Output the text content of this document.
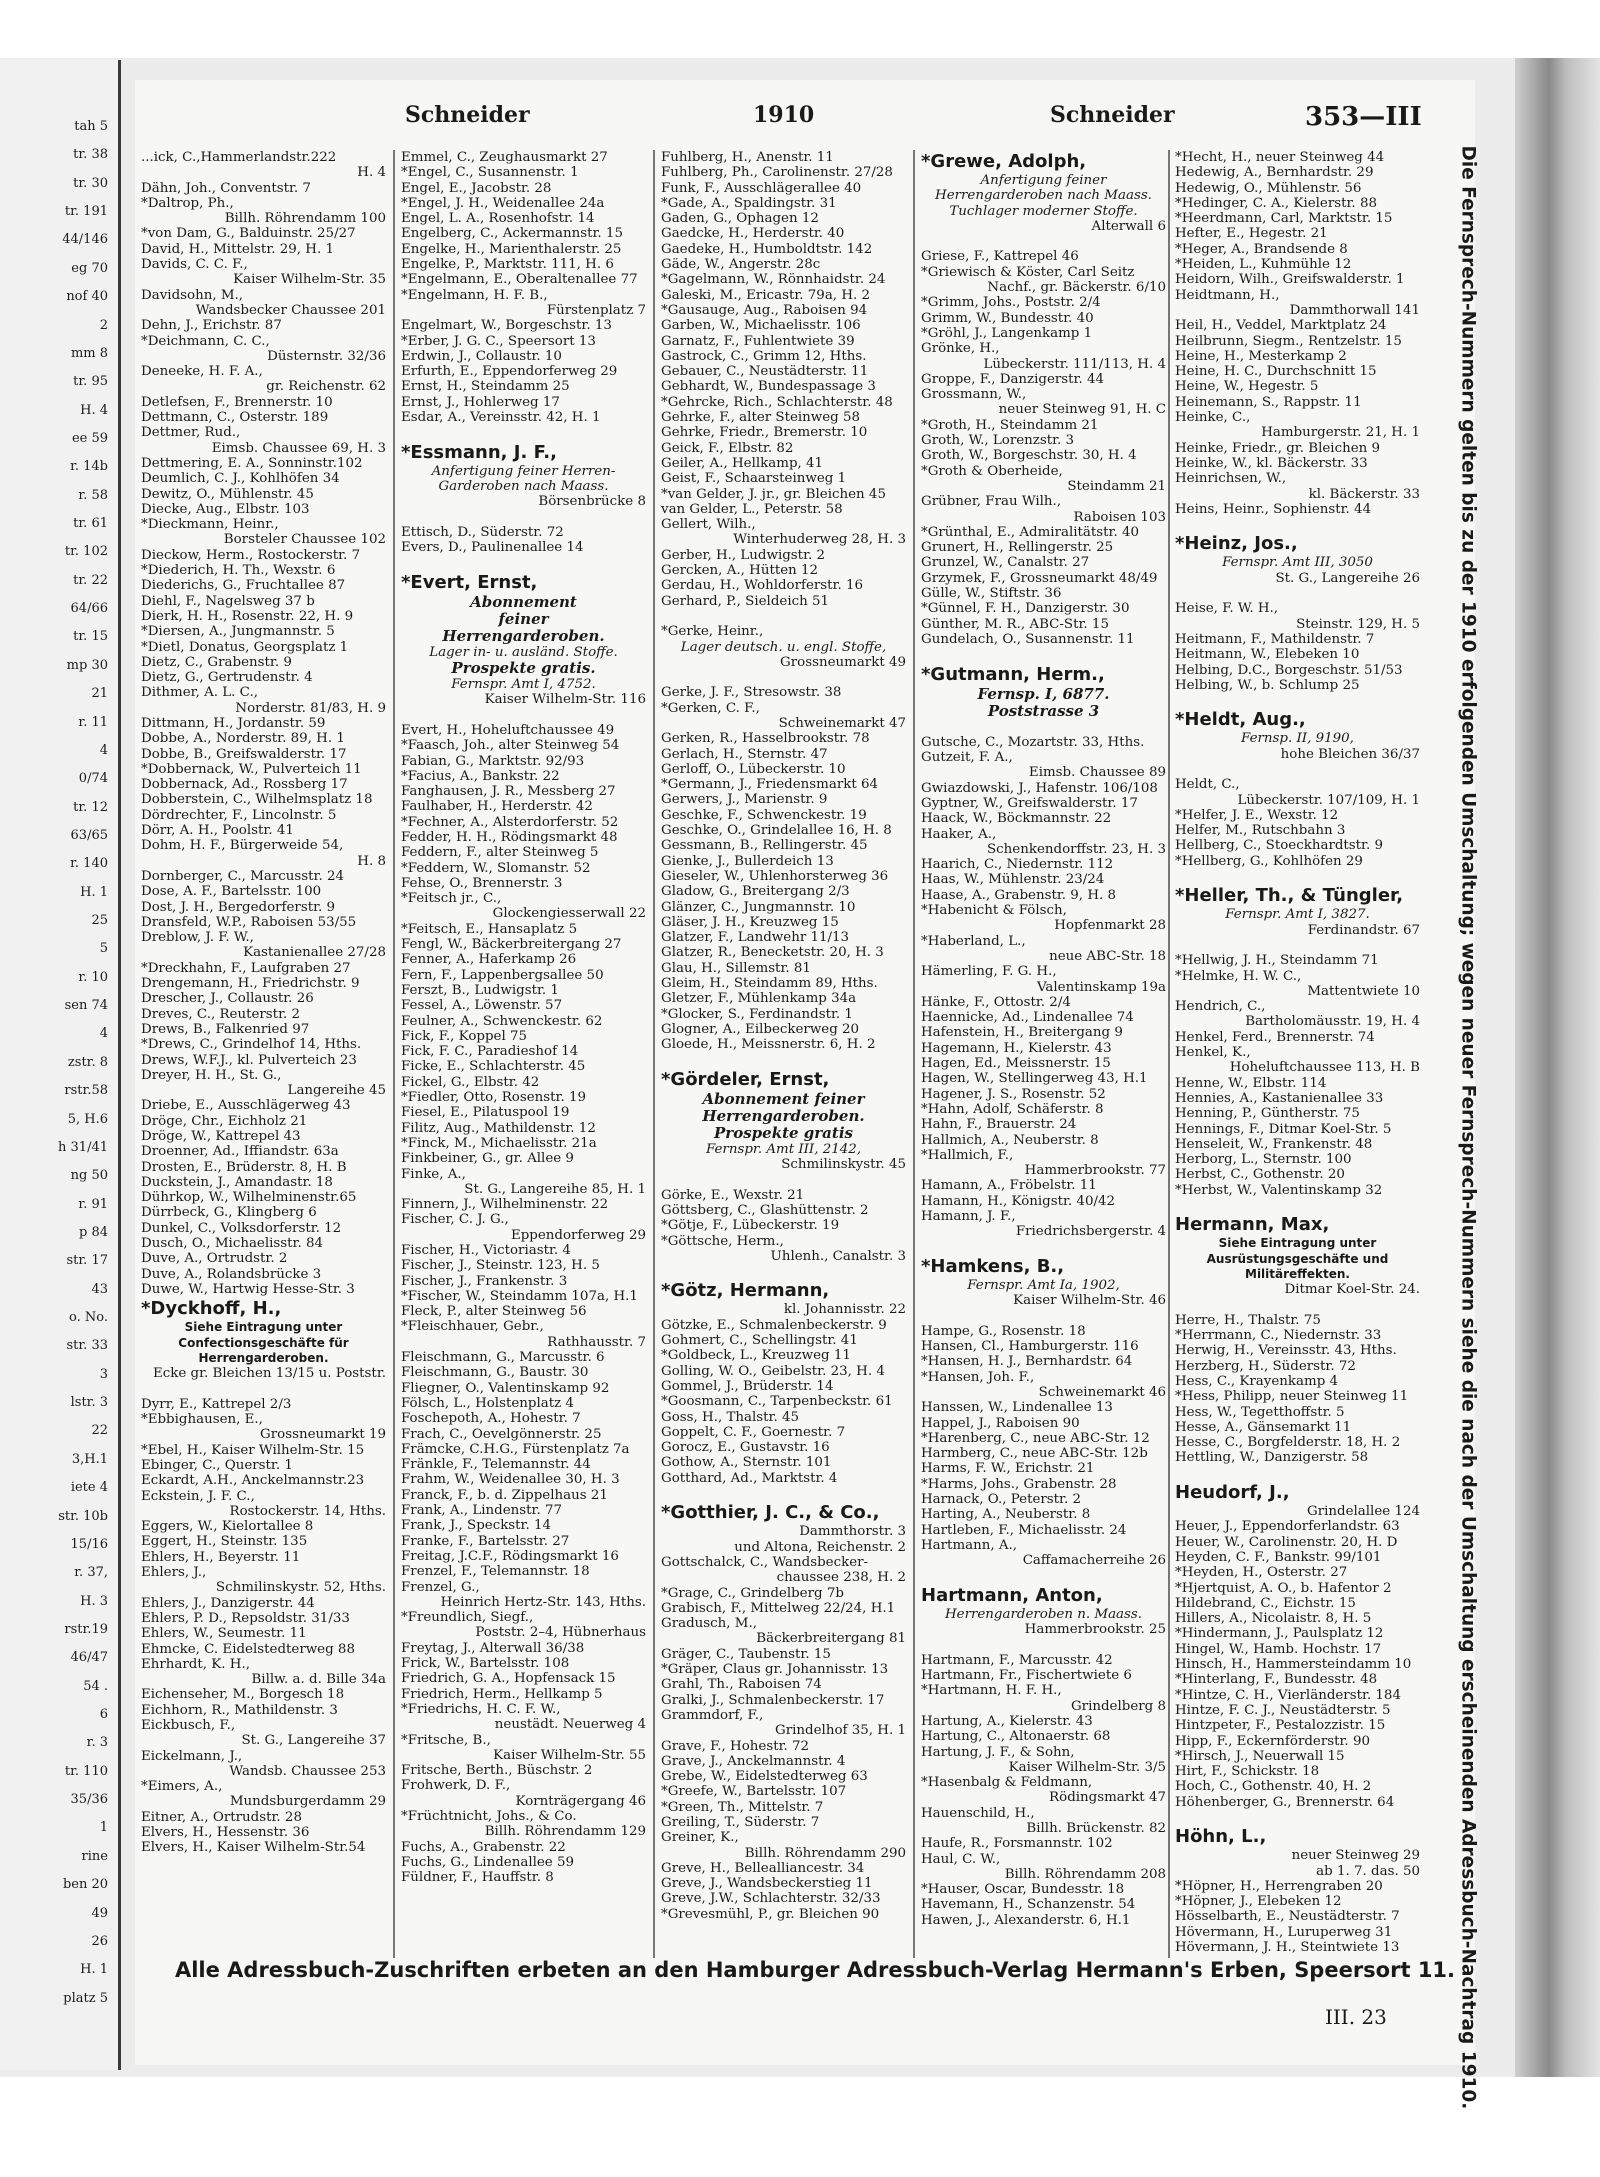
tah 5
tr. 38
tr. 30
tr. 191
44/146
eg 70
nof 40
2
mm 8
tr. 95
H. 4
ee 59
r. 14b
r. 58
tr. 61
tr. 102
tr. 22
64/66
tr. 15
mp 30
21
r. 11
4
0/74
tr. 12
63/65
r. 140
H. 1
25
5
r. 10
sen 74
4
zstr. 8
rstr.58
5, H.6
h 31/41
ng 50
r. 91
p 84
str. 17
43
o. No.
str. 33
3
lstr. 3
22
3,H.1
iete 4
str. 10b
15/16
r. 37,
H. 3
rstr.19
46/47
54 .
6
r. 3
tr. 110
35/36
1
rine
ben 20
49
26
H. 1
platz 5
Schneider	1910	Schneider	353—III
...ick, C.,Hammerlandstr.222
H. 4
Dähn, Joh., Conventstr. 7
*Daltrop, Ph.,
Billh. Röhrendamm 100
*von Dam, G., Balduinstr. 25/27
David, H., Mittelstr. 29, H. 1
Davids, C. C. F.,
Kaiser Wilhelm-Str. 35
Davidsohn, M.,
Wandsbecker Chaussee 201
Dehn, J., Erichstr. 87
*Deichmann, C. C.,
Düsternstr. 32/36
Deneeke, H. F. A.,
gr. Reichenstr. 62
Detlefsen, F., Brennerstr. 10
Dettmann, C., Osterstr. 189
Dettmer, Rud.,
Eimsb. Chaussee 69, H. 3
Dettmering, E. A., Sonninstr.102
Deumlich, C. J., Kohlhöfen 34
Dewitz, O., Mühlenstr. 45
Diecke, Aug., Elbstr. 103
*Dieckmann, Heinr.,
Borsteler Chaussee 102
Dieckow, Herm., Rostockerstr. 7
*Diederich, H. Th., Wexstr. 6
Diederichs, G., Fruchtallee 87
Diehl, F., Nagelsweg 37 b
Dierk, H. H., Rosenstr. 22, H. 9
*Diersen, A., Jungmannstr. 5
*Dietl, Donatus, Georgsplatz 1
Dietz, C., Grabenstr. 9
Dietz, G., Gertrudenstr. 4
Dithmer, A. L. C.,
Norderstr. 81/83, H. 9
Dittmann, H., Jordanstr. 59
Dobbe, A., Norderstr. 89, H. 1
Dobbe, B., Greifswalderstr. 17
*Dobbernack, W., Pulverteich 11
Dobbernack, Ad., Rossberg 17
Dobberstein, C., Wilhelmsplatz 18
Dördrechter, F., Lincolnstr. 5
Dörr, A. H., Poolstr. 41
Dohm, H. F., Bürgerweide 54,
H. 8
Dornberger, C., Marcusstr. 24
Dose, A. F., Bartelsstr. 100
Dost, J. H., Bergedorferstr. 9
Dransfeld, W.P., Raboisen 53/55
Dreblow, J. F. W.,
Kastanienallee 27/28
*Dreckhahn, F., Laufgraben 27
Drengemann, H., Friedrichstr. 9
Drescher, J., Collaustr. 26
Dreves, C., Reuterstr. 2
Drews, B., Falkenried 97
*Drews, C., Grindelhof 14, Hths.
Drews, W.F.J., kl. Pulverteich 23
Dreyer, H. H., St. G.,
Langereihe 45
Driebe, E., Ausschlägerweg 43
Dröge, Chr., Eichholz 21
Dröge, W., Kattrepel 43
Droenner, Ad., Iffiandstr. 63a
Drosten, E., Brüderstr. 8, H. B
Duckstein, J., Amandastr. 18
Dührkop, W., Wilhelminenstr.65
Dürrbeck, G., Klingberg 6
Dunkel, C., Volksdorferstr. 12
Dusch, O., Michaelisstr. 84
Duve, A., Ortrudstr. 2
Duve, A., Rolandsbrücke 3
Duwe, W., Hartwig Hesse-Str. 3
*Dyckhoff, H.,
Siehe Eintragung unter
Confectionsgeschäfte für
Herrengarderoben.
Ecke gr. Bleichen 13/15 u. Poststr.

Dyrr, E., Kattrepel 2/3
*Ebbighausen, E.,
Grossneumarkt 19
*Ebel, H., Kaiser Wilhelm-Str. 15
Ebinger, C., Querstr. 1
Eckardt, A.H., Anckelmannstr.23
Eckstein, J. F. C.,
Rostockerstr. 14, Hths.
Eggers, W., Kielortallee 8
Eggert, H., Steinstr. 135
Ehlers, H., Beyerstr. 11
Ehlers, J.,
Schmilinskystr. 52, Hths.
Ehlers, J., Danzigerstr. 44
Ehlers, P. D., Repsoldstr. 31/33
Ehlers, W., Seumestr. 11
Ehmcke, C. Eidelstedterweg 88
Ehrhardt, K. H.,
Billw. a. d. Bille 34a
Eichenseher, M., Borgesch 18
Eichhorn, R., Mathildenstr. 3
Eickbusch, F.,
St. G., Langereihe 37
Eickelmann, J.,
Wandsb. Chaussee 253
*Eimers, A.,
Mundsburgerdamm 29
Eitner, A., Ortrudstr. 28
Elvers, H., Hessenstr. 36
Elvers, H., Kaiser Wilhelm-Str.54
Emmel, C., Zeughausmarkt 27
*Engel, C., Susannenstr. 1
Engel, E., Jacobstr. 28
*Engel, J. H., Weidenallee 24a
Engel, L. A., Rosenhofstr. 14
Engelberg, C., Ackermannstr. 15
Engelke, H., Marienthalerstr. 25
Engelke, P., Marktstr. 111, H. 6
*Engelmann, E., Oberaltenallee 77
*Engelmann, H. F. B.,
Fürstenplatz 7
Engelmart, W., Borgeschstr. 13
*Erber, J. G. C., Speersort 13
Erdwin, J., Collaustr. 10
Erfurth, E., Eppendorferweg 29
Ernst, H., Steindamm 25
Ernst, J., Hohlerweg 17
Esdar, A., Vereinsstr. 42, H. 1

*Essmann, J. F.,
Anfertigung feiner Herren-
Garderoben nach Maass.
Börsenbrücke 8

Ettisch, D., Süderstr. 72
Evers, D., Paulinenallee 14

*Evert, Ernst,
Abonnement
feiner
Herrengarderoben.
Lager in- u. ausländ. Stoffe.
Prospekte gratis.
Fernspr. Amt I, 4752.
Kaiser Wilhelm-Str. 116

Evert, H., Hoheluftchaussee 49
*Faasch, Joh., alter Steinweg 54
Fabian, G., Marktstr. 92/93
*Facius, A., Bankstr. 22
Fanghausen, J. R., Messberg 27
Faulhaber, H., Herderstr. 42
*Fechner, A., Alsterdorferstr. 52
Fedder, H. H., Rödingsmarkt 48
Feddern, F., alter Steinweg 5
*Feddern, W., Slomanstr. 52
Fehse, O., Brennerstr. 3
*Feitsch jr., C.,
Glockengiesserwall 22
*Feitsch, E., Hansaplatz 5
Fengl, W., Bäckerbreitergang 27
Fenner, A., Haferkamp 26
Fern, F., Lappenbergsallee 50
Ferszt, B., Ludwigstr. 1
Fessel, A., Löwenstr. 57
Feulner, A., Schwenckestr. 62
Fick, F., Koppel 75
Fick, F. C., Paradieshof 14
Ficke, E., Schlachterstr. 45
Fickel, G., Elbstr. 42
*Fiedler, Otto, Rosenstr. 19
Fiesel, E., Pilatuspool 19
Filitz, Aug., Mathildenstr. 12
*Finck, M., Michaelisstr. 21a
Finkbeiner, G., gr. Allee 9
Finke, A.,
St. G., Langereihe 85, H. 1
Finnern, J., Wilhelminenstr. 22
Fischer, C. J. G.,
Eppendorferweg 29
Fischer, H., Victoriastr. 4
Fischer, J., Steinstr. 123, H. 5
Fischer, J., Frankenstr. 3
*Fischer, W., Steindamm 107a, H.1
Fleck, P., alter Steinweg 56
*Fleischhauer, Gebr.,
Rathhausstr. 7
Fleischmann, G., Marcusstr. 6
Fleischmann, G., Baustr. 30
Fliegner, O., Valentinskamp 92
Fölsch, L., Holstenplatz 4
Foschepoth, A., Hohestr. 7
Frach, C., Oevelgönnerstr. 25
Främcke, C.H.G., Fürstenplatz 7a
Fränkle, F., Telemannstr. 44
Frahm, W., Weidenallee 30, H. 3
Franck, F., b. d. Zippelhaus 21
Frank, A., Lindenstr. 77
Frank, J., Speckstr. 14
Franke, F., Bartelsstr. 27
Freitag, J.C.F., Rödingsmarkt 16
Frenzel, F., Telemannstr. 18
Frenzel, G.,
Heinrich Hertz-Str. 143, Hths.
*Freundlich, Siegf.,
Poststr. 2–4, Hübnerhaus
Freytag, J., Alterwall 36/38
Frick, W., Bartelsstr. 108
Friedrich, G. A., Hopfensack 15
Friedrich, Herm., Hellkamp 5
*Friedrichs, H. C. F. W.,
neustädt. Neuerweg 4
*Fritsche, B.,
Kaiser Wilhelm-Str. 55
Fritsche, Berth., Büschstr. 2
Frohwerk, D. F.,
Kornträgergang 46
*Früchtnicht, Johs., & Co.
Billh. Röhrendamm 129
Fuchs, A., Grabenstr. 22
Fuchs, G., Lindenallee 59
Füldner, F., Hauffstr. 8
Fuhlberg, H., Anenstr. 11
Fuhlberg, Ph., Carolinenstr. 27/28
Funk, F., Ausschlägerallee 40
*Gade, A., Spaldingstr. 31
Gaden, G., Ophagen 12
Gaedcke, H., Herderstr. 40
Gaedeke, H., Humboldtstr. 142
Gäde, W., Angerstr. 28c
*Gagelmann, W., Rönnhaidstr. 24
Galeski, M., Ericastr. 79a, H. 2
*Gausauge, Aug., Raboisen 94
Garben, W., Michaelisstr. 106
Garnatz, F., Fuhlentwiete 39
Gastrock, C., Grimm 12, Hths.
Gebauer, C., Neustädterstr. 11
Gebhardt, W., Bundespassage 3
*Gehrcke, Rich., Schlachterstr. 48
Gehrke, F., alter Steinweg 58
Gehrke, Friedr., Bremerstr. 10
Geick, F., Elbstr. 82
Geiler, A., Hellkamp, 41
Geist, F., Schaarsteinweg 1
*van Gelder, J. jr., gr. Bleichen 45
van Gelder, L., Peterstr. 58
Gellert, Wilh.,
Winterhuderweg 28, H. 3
Gerber, H., Ludwigstr. 2
Gercken, A., Hütten 12
Gerdau, H., Wohldorferstr. 16
Gerhard, P., Sieldeich 51

*Gerke, Heinr.,
Lager deutsch. u. engl. Stoffe,
Grossneumarkt 49

Gerke, J. F., Stresowstr. 38
*Gerken, C. F.,
Schweinemarkt 47
Gerken, R., Hasselbrookstr. 78
Gerlach, H., Sternstr. 47
Gerloff, O., Lübeckerstr. 10
*Germann, J., Friedensmarkt 64
Gerwers, J., Marienstr. 9
Geschke, F., Schwenckestr. 19
Geschke, O., Grindelallee 16, H. 8
Gessmann, B., Rellingerstr. 45
Gienke, J., Bullerdeich 13
Gieseler, W., Uhlenhorsterweg 36
Gladow, G., Breitergang 2/3
Glänzer, C., Jungmannstr. 10
Gläser, J. H., Kreuzweg 15
Glatzer, F., Landwehr 11/13
Glatzer, R., Benecketstr. 20, H. 3
Glau, H., Sillemstr. 81
Gleim, H., Steindamm 89, Hths.
Gletzer, F., Mühlenkamp 34a
*Glocker, S., Ferdinandstr. 1
Glogner, A., Eilbeckerweg 20
Gloede, H., Meissnerstr. 6, H. 2

*Gördeler, Ernst,
Abonnement feiner
Herrengarderoben.
Prospekte gratis
Fernspr. Amt III, 2142,
Schmilinskystr. 45

Görke, E., Wexstr. 21
Göttsberg, C., Glashüttenstr. 2
*Götje, F., Lübeckerstr. 19
*Göttsche, Herm.,
Uhlenh., Canalstr. 3

*Götz, Hermann,
kl. Johannisstr. 22
Götzke, E., Schmalenbeckerstr. 9
Gohmert, C., Schellingstr. 41
*Goldbeck, L., Kreuzweg 11
Golling, W. O., Geibelstr. 23, H. 4
Gommel, J., Brüderstr. 14
*Goosmann, C., Tarpenbeckstr. 61
Goss, H., Thalstr. 45
Goppelt, C. F., Goernestr. 7
Gorocz, E., Gustavstr. 16
Gothow, A., Sternstr. 101
Gotthard, Ad., Marktstr. 4

*Gotthier, J. C., & Co.,
Dammthorstr. 3
und Altona, Reichenstr. 2
Gottschalck, C., Wandsbecker-
chaussee 238, H. 2
*Grage, C., Grindelberg 7b
Grabisch, F., Mittelweg 22/24, H.1
Gradusch, M.,
Bäckerbreitergang 81
Gräger, C., Taubenstr. 15
*Gräper, Claus gr. Johannisstr. 13
Grahl, Th., Raboisen 74
Gralki, J., Schmalenbeckerstr. 17
Grammdorf, F.,
Grindelhof 35, H. 1
Grave, F., Hohestr. 72
Grave, J., Anckelmannstr. 4
Grebe, W., Eidelstedterweg 63
*Greefe, W., Bartelsstr. 107
*Green, Th., Mittelstr. 7
Greiling, T., Süderstr. 7
Greiner, K.,
Billh. Röhrendamm 290
Greve, H., Bellealliancestr. 34
Greve, J., Wandsbeckerstieg 11
Greve, J.W., Schlachterstr. 32/33
*Grevesmühl, P., gr. Bleichen 90
*Grewe, Adolph,
Anfertigung feiner
Herrengarderoben nach Maass.
Tuchlager moderner Stoffe.
Alterwall 6

Griese, F., Kattrepel 46
*Griewisch & Köster, Carl Seitz
Nachf., gr. Bäckerstr. 6/10
*Grimm, Johs., Poststr. 2/4
Grimm, W., Bundesstr. 40
*Gröhl, J., Langenkamp 1
Grönke, H.,
Lübeckerstr. 111/113, H. 4
Groppe, F., Danzigerstr. 44
Grossmann, W.,
neuer Steinweg 91, H. C
*Groth, H., Steindamm 21
Groth, W., Lorenzstr. 3
Groth, W., Borgeschstr. 30, H. 4
*Groth & Oberheide,
Steindamm 21
Grübner, Frau Wilh.,
Raboisen 103
*Grünthal, E., Admiralitätstr. 40
Grunert, H., Rellingerstr. 25
Grunzel, W., Canalstr. 27
Grzymek, F., Grossneumarkt 48/49
Gülle, W., Stiftstr. 36
*Günnel, F. H., Danzigerstr. 30
Günther, M. R., ABC-Str. 15
Gundelach, O., Susannenstr. 11

*Gutmann, Herm.,
Fernsp. I, 6877.
Poststrasse 3

Gutsche, C., Mozartstr. 33, Hths.
Gutzeit, F. A.,
Eimsb. Chaussee 89
Gwiazdowski, J., Hafenstr. 106/108
Gyptner, W., Greifswalderstr. 17
Haack, W., Böckmannstr. 22
Haaker, A.,
Schenkendorffstr. 23, H. 3
Haarich, C., Niedernstr. 112
Haas, W., Mühlenstr. 23/24
Haase, A., Grabenstr. 9, H. 8
*Habenicht & Fölsch,
Hopfenmarkt 28
*Haberland, L.,
neue ABC-Str. 18
Hämerling, F. G. H.,
Valentinskamp 19a
Hänke, F., Ottostr. 2/4
Haennicke, Ad., Lindenallee 74
Hafenstein, H., Breitergang 9
Hagemann, H., Kielerstr. 43
Hagen, Ed., Meissnerstr. 15
Hagen, W., Stellingerweg 43, H.1
Hagener, J. S., Rosenstr. 52
*Hahn, Adolf, Schäferstr. 8
Hahn, F., Brauerstr. 24
Hallmich, A., Neuberstr. 8
*Hallmich, F.,
Hammerbrookstr. 77
Hamann, A., Fröbelstr. 11
Hamann, H., Königstr. 40/42
Hamann, J. F.,
Friedrichsbergerstr. 4

*Hamkens, B.,
Fernspr. Amt Ia, 1902,
Kaiser Wilhelm-Str. 46

Hampe, G., Rosenstr. 18
Hansen, Cl., Hamburgerstr. 116
*Hansen, H. J., Bernhardstr. 64
*Hansen, Joh. F.,
Schweinemarkt 46
Hanssen, W., Lindenallee 13
Happel, J., Raboisen 90
*Harenberg, C., neue ABC-Str. 12
Harmberg, C., neue ABC-Str. 12b
Harms, F. W., Erichstr. 21
*Harms, Johs., Grabenstr. 28
Harnack, O., Peterstr. 2
Harting, A., Neuberstr. 8
Hartleben, F., Michaelisstr. 24
Hartmann, A.,
Caffamacherreihe 26

Hartmann, Anton,
Herrengarderoben n. Maass.
Hammerbrookstr. 25

Hartmann, F., Marcusstr. 42
Hartmann, Fr., Fischertwiete 6
*Hartmann, H. F. H.,
Grindelberg 8
Hartung, A., Kielerstr. 43
Hartung, C., Altonaerstr. 68
Hartung, J. F., & Sohn,
Kaiser Wilhelm-Str. 3/5
*Hasenbalg & Feldmann,
Rödingsmarkt 47
Hauenschild, H.,
Billh. Brückenstr. 82
Haufe, R., Forsmannstr. 102
Haul, C. W.,
Billh. Röhrendamm 208
*Hauser, Oscar, Bundesstr. 18
Havemann, H., Schanzenstr. 54
Hawen, J., Alexanderstr. 6, H.1
*Hecht, H., neuer Steinweg 44
Hedewig, A., Bernhardstr. 29
Hedewig, O., Mühlenstr. 56
*Hedinger, C. A., Kielerstr. 88
*Heerdmann, Carl, Marktstr. 15
Hefter, E., Hegestr. 21
*Heger, A., Brandsende 8
*Heiden, L., Kuhmühle 12
Heidorn, Wilh., Greifswalderstr. 1
Heidtmann, H.,
Dammthorwall 141
Heil, H., Veddel, Marktplatz 24
Heilbrunn, Siegm., Rentzelstr. 15
Heine, H., Mesterkamp 2
Heine, H. C., Durchschnitt 15
Heine, W., Hegestr. 5
Heinemann, S., Rappstr. 11
Heinke, C.,
Hamburgerstr. 21, H. 1
Heinke, Friedr., gr. Bleichen 9
Heinke, W., kl. Bäckerstr. 33
Heinrichsen, W.,
kl. Bäckerstr. 33
Heins, Heinr., Sophienstr. 44

*Heinz, Jos.,
Fernspr. Amt III, 3050
St. G., Langereihe 26

Heise, F. W. H.,
Steinstr. 129, H. 5
Heitmann, F., Mathildenstr. 7
Heitmann, W., Elebeken 10
Helbing, D.C., Borgeschstr. 51/53
Helbing, W., b. Schlump 25

*Heldt, Aug.,
Fernsp. II, 9190,
hohe Bleichen 36/37

Heldt, C.,
Lübeckerstr. 107/109, H. 1
*Helfer, J. E., Wexstr. 12
Helfer, M., Rutschbahn 3
Hellberg, C., Stoeckhardtstr. 9
*Hellberg, G., Kohlhöfen 29

*Heller, Th., & Tüngler,
Fernspr. Amt I, 3827.
Ferdinandstr. 67

*Hellwig, J. H., Steindamm 71
*Helmke, H. W. C.,
Mattentwiete 10
Hendrich, C.,
Bartholomäusstr. 19, H. 4
Henkel, Ferd., Brennerstr. 74
Henkel, K.,
Hoheluftchaussee 113, H. B
Henne, W., Elbstr. 114
Hennies, A., Kastanienallee 33
Henning, P., Güntherstr. 75
Hennings, F., Ditmar Koel-Str. 5
Henseleit, W., Frankenstr. 48
Herborg, L., Sternstr. 100
Herbst, C., Gothenstr. 20
*Herbst, W., Valentinskamp 32

Hermann, Max,
Siehe Eintragung unter
Ausrüstungsgeschäfte und
Militäreffekten.
Ditmar Koel-Str. 24.

Herre, H., Thalstr. 75
*Herrmann, C., Niedernstr. 33
Herwig, H., Vereinsstr. 43, Hths.
Herzberg, H., Süderstr. 72
Hess, C., Krayenkamp 4
*Hess, Philipp, neuer Steinweg 11
Hess, W., Tegetthoffstr. 5
Hesse, A., Gänsemarkt 11
Hesse, C., Borgfelderstr. 18, H. 2
Hettling, W., Danzigerstr. 58

Heudorf, J.,
Grindelallee 124
Heuer, J., Eppendorferlandstr. 63
Heuer, W., Carolinenstr. 20, H. D
Heyden, C. F., Bankstr. 99/101
*Heyden, H., Osterstr. 27
*Hjertquist, A. O., b. Hafentor 2
Hildebrand, C., Eichstr. 15
Hillers, A., Nicolaistr. 8, H. 5
*Hindermann, J., Paulsplatz 12
Hingel, W., Hamb. Hochstr. 17
Hinsch, H., Hammersteindamm 10
*Hinterlang, F., Bundesstr. 48
*Hintze, C. H., Vierländerstr. 184
Hintze, F. C. J., Neustädterstr. 5
Hintzpeter, F., Pestalozzistr. 15
Hipp, F., Eckernförderstr. 90
*Hirsch, J., Neuerwall 15
Hirt, F., Schickstr. 18
Hoch, C., Gothenstr. 40, H. 2
Höhenberger, G., Brennerstr. 64

Höhn, L.,
neuer Steinweg 29
ab 1. 7. das. 50
*Höpner, H., Herrengraben 20
*Höpner, J., Elebeken 12
Hösselbarth, E., Neustädterstr. 7
Hövermann, H., Luruperweg 31
Hövermann, J. H., Steintwiete 13	Die Fernsprech-Nummern gelten bis zu der 1910 erfolgenden Umschaltung; wegen neuer Fernsprech-Nummern siehe die nach der Umschaltung erscheinenden Adressbuch-Nachtrag 1910.
Alle Adressbuch-Zuschriften erbeten an den Hamburger Adressbuch-Verlag Hermann's Erben, Speersort 11.
III. 23
